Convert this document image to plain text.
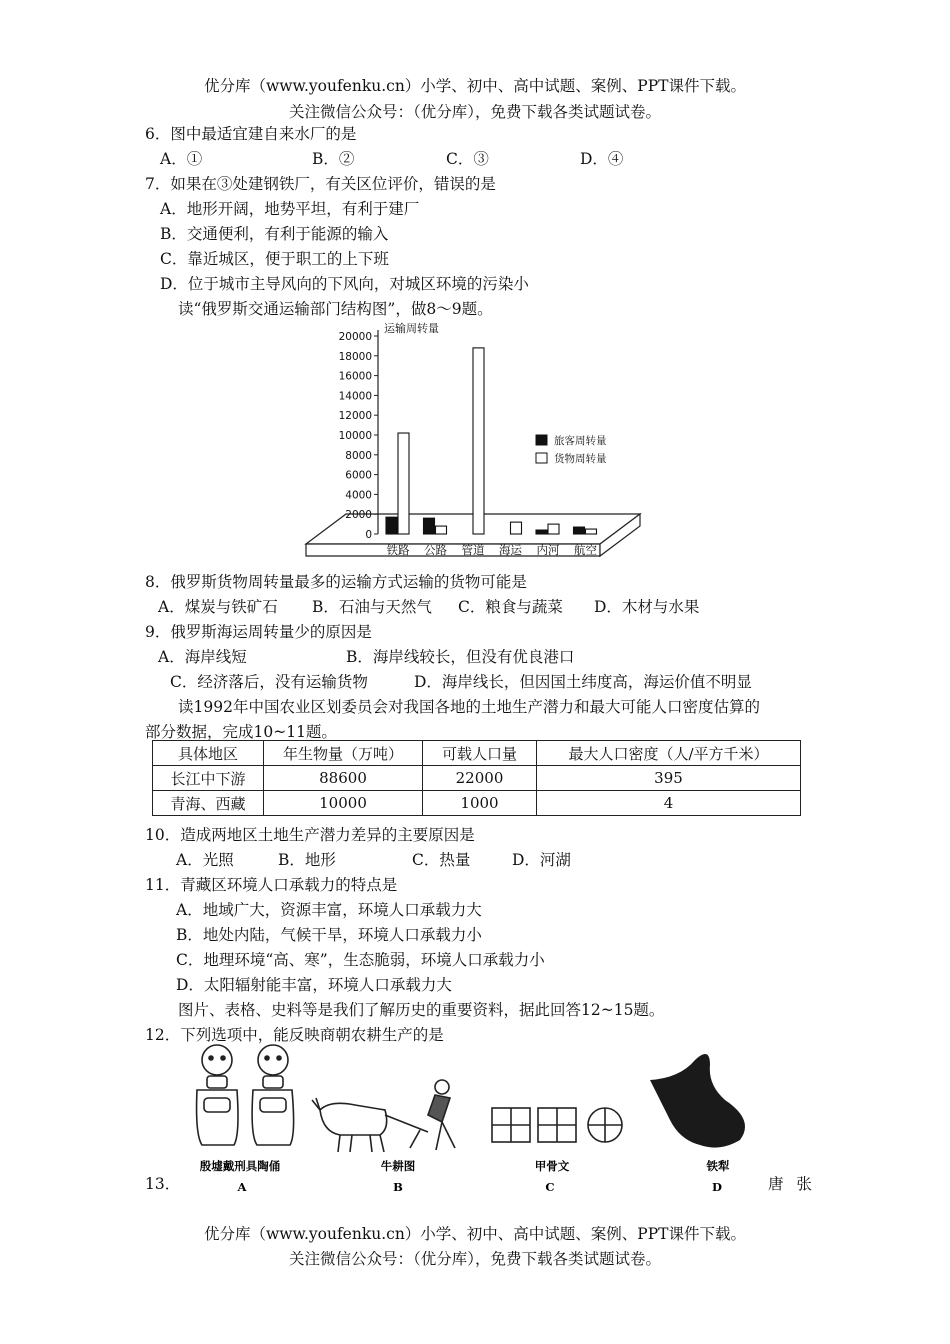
优分库（www.youfenku.cn）小学、初中、高中试题、案例、PPT课件下载。
关注微信公众号：（优分库），免费下载各类试题试卷。
6．图中最适宜建自来水厂的是
A．①	B．②	C．③	D．④
7．如果在③处建钢铁厂，有关区位评价，错误的是
A．地形开阔，地势平坦，有利于建厂
B．交通便利，有利于能源的输入
C．靠近城区，便于职工的上下班
D．位于城市主导风向的下风向，对城区环境的污染小
读“俄罗斯交通运输部门结构图”，做8～9题。
运输周转量
20000
18000
16000
14000
12000
10000
8000
6000
4000
2000
0
铁路 公路 管道 海运 内河 航空
旅客周转量
货物周转量
8．俄罗斯货物周转量最多的运输方式运输的货物可能是
A．煤炭与铁矿石 B．石油与天然气 C．粮食与蔬菜 D．木材与水果
9．俄罗斯海运周转量少的原因是
A．海岸线短	B．海岸线较长，但没有优良港口
C．经济落后，没有运输货物	D．海岸线长，但因国土纬度高，海运价值不明显
读1992年中国农业区划委员会对我国各地的土地生产潜力和最大可能人口密度估算的
部分数据，完成10~11题。
具体地区	年生物量（万吨）	可载人口量	最大人口密度（人/平方千米）
长江中下游	88600	22000	395
青海、西藏	10000	1000	4
10．造成两地区土地生产潜力差异的主要原因是
A．光照	B．地形	C．热量	D．河湖
11．青藏区环境人口承载力的特点是
A．地域广大，资源丰富，环境人口承载力大
B．地处内陆，气候干旱，环境人口承载力小
C．地理环境“高、寒”，生态脆弱，环境人口承载力小
D．太阳辐射能丰富，环境人口承载力大
图片、表格、史料等是我们了解历史的重要资料，据此回答12~15题。
12．下列选项中，能反映商朝农耕生产的是
殷墟戴刑具陶俑	牛耕图	甲骨文	铁犁
A	B	C	D
13．	唐 张
优分库（www.youfenku.cn）小学、初中、高中试题、案例、PPT课件下载。
关注微信公众号：（优分库），免费下载各类试题试卷。
